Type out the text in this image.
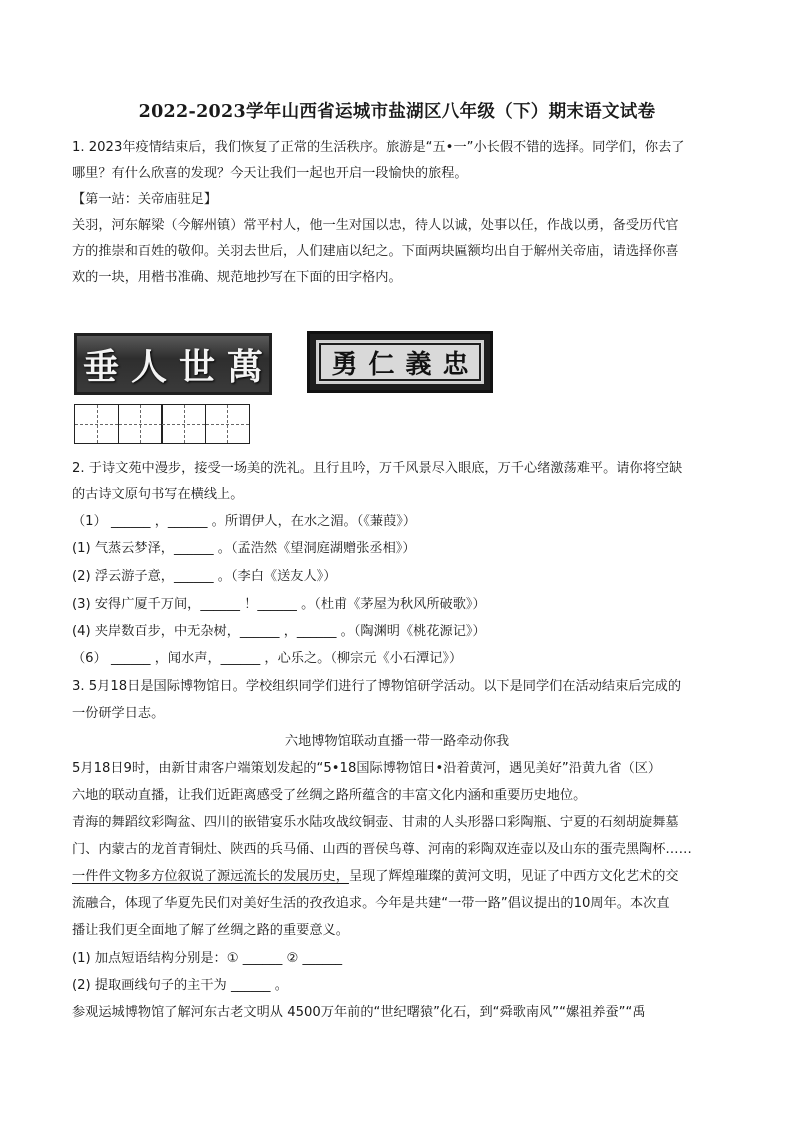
2022-2023学年山西省运城市盐湖区八年级（下）期末语文试卷
1. 2023年疫情结束后，我们恢复了正常的生活秩序。旅游是“五•一”小长假不错的选择。同学们，你去了
哪里？有什么欣喜的发现？今天让我们一起也开启一段愉快的旅程。
【第一站：关帝庙驻足】
关羽，河东解梁（今解州镇）常平村人，他一生对国以忠，待人以诚，处事以任，作战以勇，备受历代官
方的推崇和百姓的敬仰。关羽去世后，人们建庙以纪之。下面两块匾额均出自于解州关帝庙，请选择你喜
欢的一块，用楷书准确、规范地抄写在下面的田字格内。
垂 人 世 萬	勇 仁 義 忠
2. 于诗文苑中漫步，接受一场美的洗礼。且行且吟，万千风景尽入眼底，万千心绪激荡难平。请你将空缺
的古诗文原句书写在横线上。
（1） ______ ，______ 。所谓伊人，在水之湄。（《蒹葭》）
(1) 气蒸云梦泽，______ 。（孟浩然《望洞庭湖赠张丞相》）
(2) 浮云游子意，______ 。（李白《送友人》）
(3) 安得广厦千万间，______ ！______ 。（杜甫《茅屋为秋风所破歌》）
(4) 夹岸数百步，中无杂树，______ ，______ 。（陶渊明《桃花源记》）
（6） ______ ，闻水声，______ ，心乐之。（柳宗元《小石潭记》）
3. 5月18日是国际博物馆日。学校组织同学们进行了博物馆研学活动。以下是同学们在活动结束后完成的
一份研学日志。
六地博物馆联动直播一带一路牵动你我
5月18日9时，由新甘肃客户端策划发起的“5•18国际博物馆日•沿着黄河，遇见美好”沿黄九省（区）
六地的联动直播，让我们近距离感受了丝绸之路所蕴含的丰富文化内涵和重要历史地位。
青海的舞蹈纹彩陶盆、四川的嵌错宴乐水陆攻战纹铜壶、甘肃的人头形器口彩陶瓶、宁夏的石刻胡旋舞墓
门、内蒙古的龙首青铜灶、陕西的兵马俑、山西的晋侯鸟尊、河南的彩陶双连壶以及山东的蛋壳黑陶杯……
一件件文物多方位叙说了源远流长的发展历史，呈现了辉煌璀璨的黄河文明，见证了中西方文化艺术的交
流融合，体现了华夏先民们对美好生活的孜孜追求。今年是共建“一带一路”倡议提出的10周年。本次直
播让我们更全面地了解了丝绸之路的重要意义。
(1) 加点短语结构分别是：① ______ ② ______
(2) 提取画线句子的主干为 ______ 。
参观运城博物馆了解河东古老文明从 4500万年前的“世纪曙猿”化石，到“舜歌南风”“嫘祖养蚕”“禹
